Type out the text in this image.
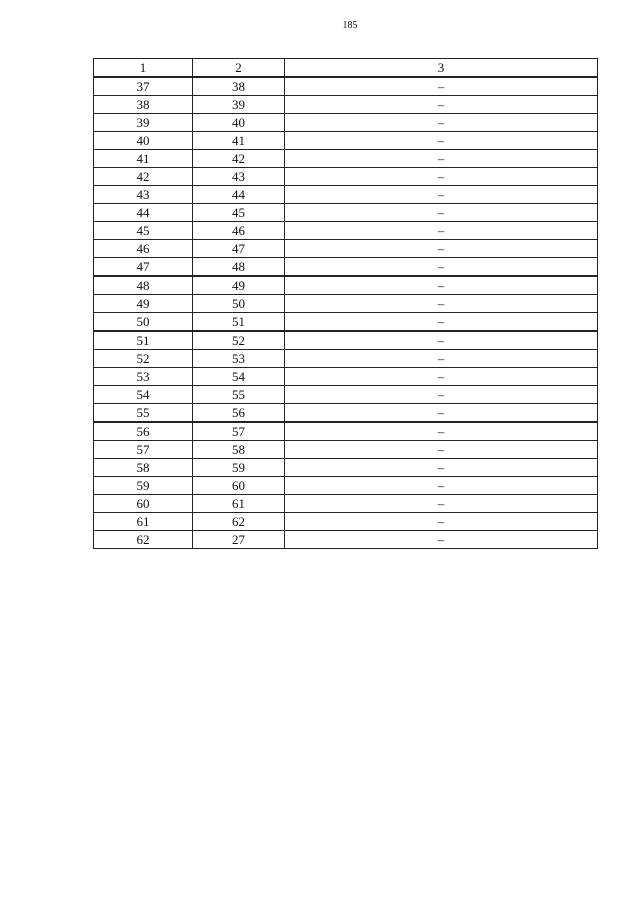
185
1	2	3
37	38	–
38	39	–
39	40	–
40	41	–
41	42	–
42	43	–
43	44	–
44	45	–
45	46	–
46	47	–
47	48	–
48	49	–
49	50	–
50	51	–
51	52	–
52	53	–
53	54	–
54	55	–
55	56	–
56	57	–
57	58	–
58	59	–
59	60	–
60	61	–
61	62	–
62	27	–
